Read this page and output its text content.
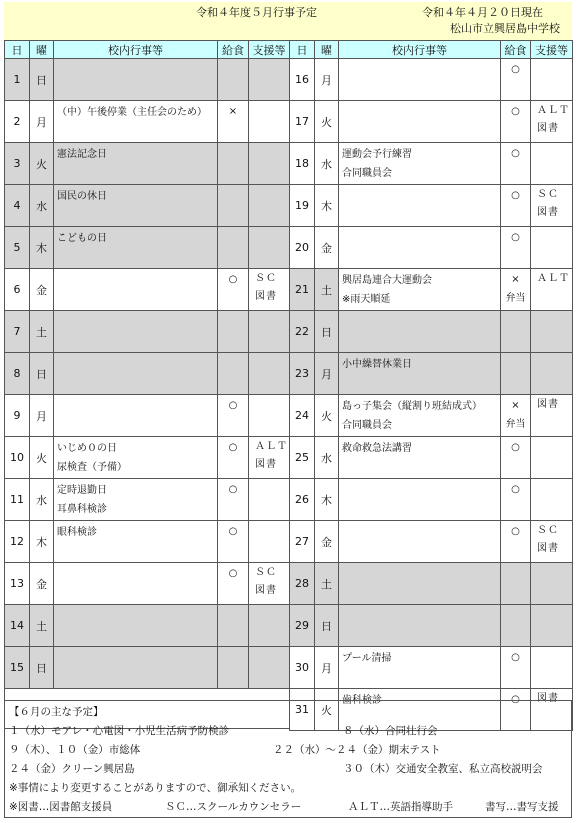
令和４年度５月行事予定	令和４年４月２０日現在
松山市立興居島中学校
日	曜	校内行事等	給食	支援等
1	日			
2	月	（中）午後停業（主任会のため）	×	

3	火	憲法記念日		

4	水	国民の休日		

5	木	こどもの日		

6	金		○	ＳＣ
図書

7	土			
8	日			
9	月		○	

10	火	いじめ０の日
尿検査（予備）	○	ＡＬＴ
図書

11	水	定時退勤日
耳鼻科検診	○	

12	木	眼科検診	○	

13	金		○	ＳＣ
図書

14	土			
15	日			

日	曜	校内行事等	給食	支援等
16	月		○	

17	火		○	ＡＬＴ
図書

18	水	運動会予行練習
合同職員会	○	

19	木		○	ＳＣ
図書

20	金		○	

21	土	興居島連合大運動会
※雨天順延	×
弁当	ＡＬＴ

22	日			
23	月	小中繰替休業日		

24	火	島っ子集会（縦割り班結成式）
合同職員会	×
弁当	図書

25	水	救命救急法講習	○	

26	木		○	

27	金		○	ＳＣ
図書

28	土			
29	日			
30	月	プール清掃	○	

31	火	歯科検診	○	図書
【６月の主な予定】
１（水）モアレ・心電図・小児生活病予防検診	８（水）合同壮行会
９（木）、１０（金）市総体	２２（水）～２４（金）期末テスト
２４（金）クリーン興居島	３０（木）交通安全教室、私立高校説明会
※事情により変更することがありますので、御承知ください。
※図書…図書館支援員	ＳＣ…スクールカウンセラー	ＡＬＴ…英語指導助手	書写…書写支援
